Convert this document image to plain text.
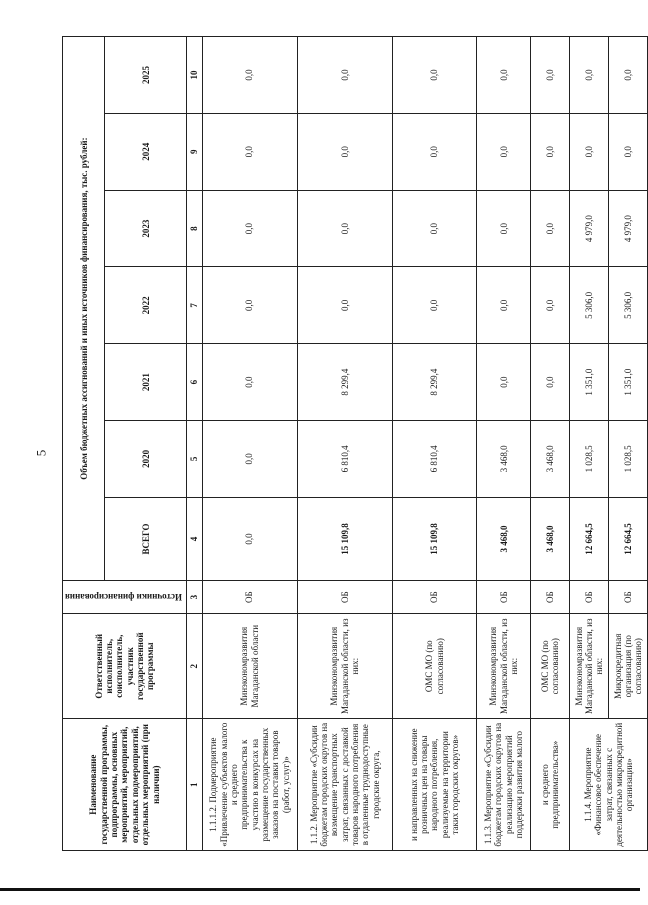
5
Наименование государственной программы, подпрограммы, основных мероприятий, мероприятий, отдельных подмероприятий, отдельных мероприятий (при наличии)	Ответственный исполнитель, соисполнитель, участник государственной программы	Источники финансирования	Объем бюджетных ассигнований и иных источников финансирования, тыс. рублей:						
			ВСЕГО	2020	2021	2022	2023	2024	2025
1	2	3	4	5	6	7	8	9	10
1.1.1.2. Подмероприятие «Привлечение субъектов малого и среднего предпринимательства к участию в конкурсах на размещение государственных заказов на поставки товаров (работ, услуг)»	Минэкономразвития Магаданской области	ОБ	0,0	0,0	0,0	0,0	0,0	0,0	0,0
1.1.2. Мероприятие «Субсидии бюджетам городских округов на возмещение транспортных затрат, связанных с доставкой товаров народного потребления в отдаленные труднодоступные городские округа,	Минэкономразвития Магаданской области, из них:	ОБ	15 109,8	6 810,4	8 299,4	0,0	0,0	0,0	0,0
и направленных на снижение розничных цен на товары народного потребления, реализуемые на территории таких городских округов»	ОМС МО (по согласованию)	ОБ	15 109,8	6 810,4	8 299,4	0,0	0,0	0,0	0,0
1.1.3. Мероприятие «Субсидии бюджетам городских округов на реализацию мероприятий поддержки развития малого	Минэкономразвития Магаданской области, из них:	ОБ	3 468,0	3 468,0	0,0	0,0	0,0	0,0	0,0
и среднего предпринимательства»	ОМС МО (по согласованию)	ОБ	3 468,0	3 468,0	0,0	0,0	0,0	0,0	0,0
1.1.4. Мероприятие «Финансовое обеспечение затрат, связанных с деятельностью микрокредитной организации»	Минэкономразвития Магаданской области, из них:	ОБ	12 664,5	1 028,5	1 351,0	5 306,0	4 979,0	0,0	0,0
	Микрокредитная организация (по согласованию)	ОБ	12 664,5	1 028,5	1 351,0	5 306,0	4 979,0	0,0	0,0
